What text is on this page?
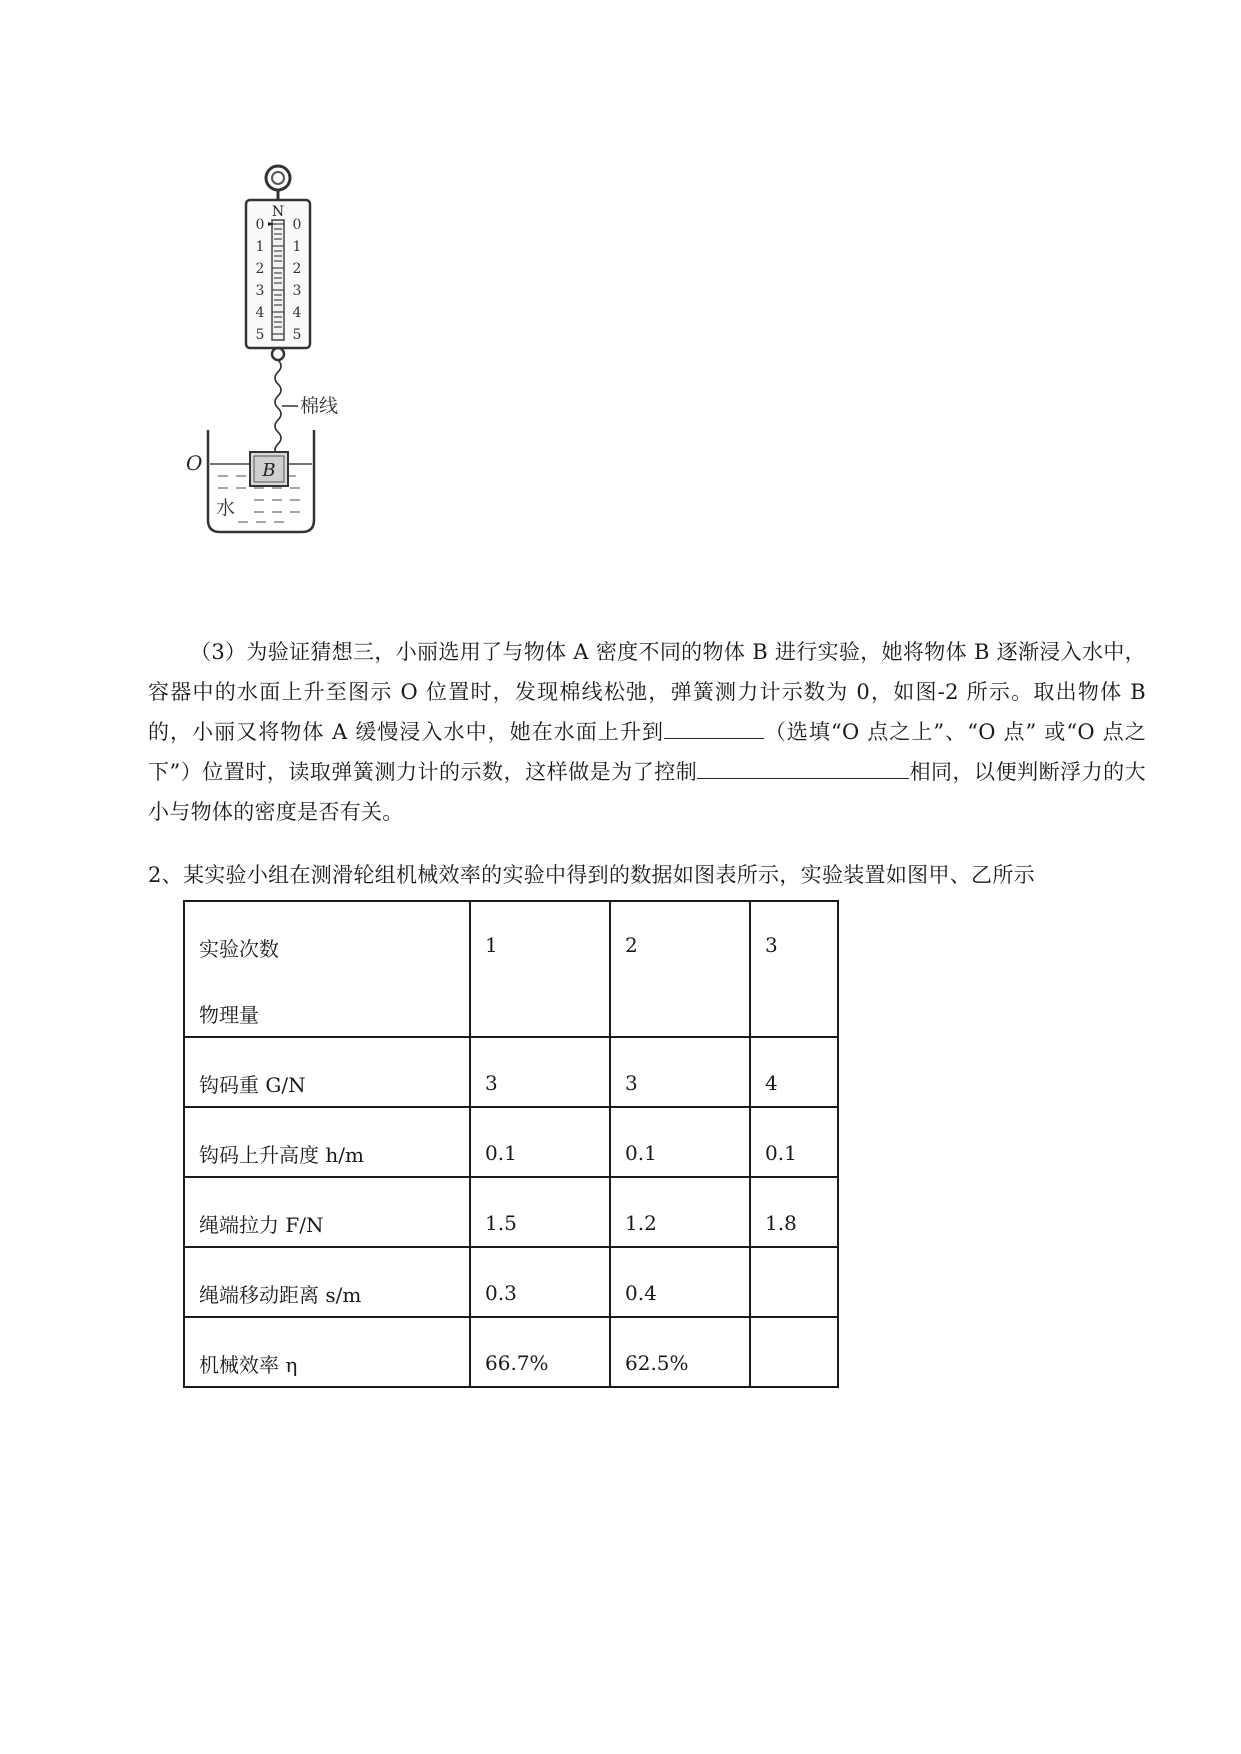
N
0
1
2
3
4
5
0
1
2
3
4
5
棉线
B
O
水
（3）为验证猜想三，小丽选用了与物体 A 密度不同的物体 B 进行实验，她将物体 B 逐渐浸入水中，容器中的水面上升至图示 O 位置时，发现棉线松弛，弹簧测力计示数为 0，如图-2 所示。取出物体 B 的，小丽又将物体 A 缓慢浸入水中，她在水面上升到	（选填“O 点之上”、“O 点” 或“O 点之下”）位置时，读取弹簧测力计的示数，这样做是为了控制	相同，以便判断浮力的大小与物体的密度是否有关。
2、某实验小组在测滑轮组机械效率的实验中得到的数据如图表所示，实验装置如图甲、乙所示
实验次数
物理量	1	2	3

钩码重 G/N	3	3	4

钩码上升高度 h/m	0.1	0.1	0.1

绳端拉力 F/N	1.5	1.2	1.8

绳端移动距离 s/m	0.3	0.4	

机械效率 η	66.7%	62.5%	
